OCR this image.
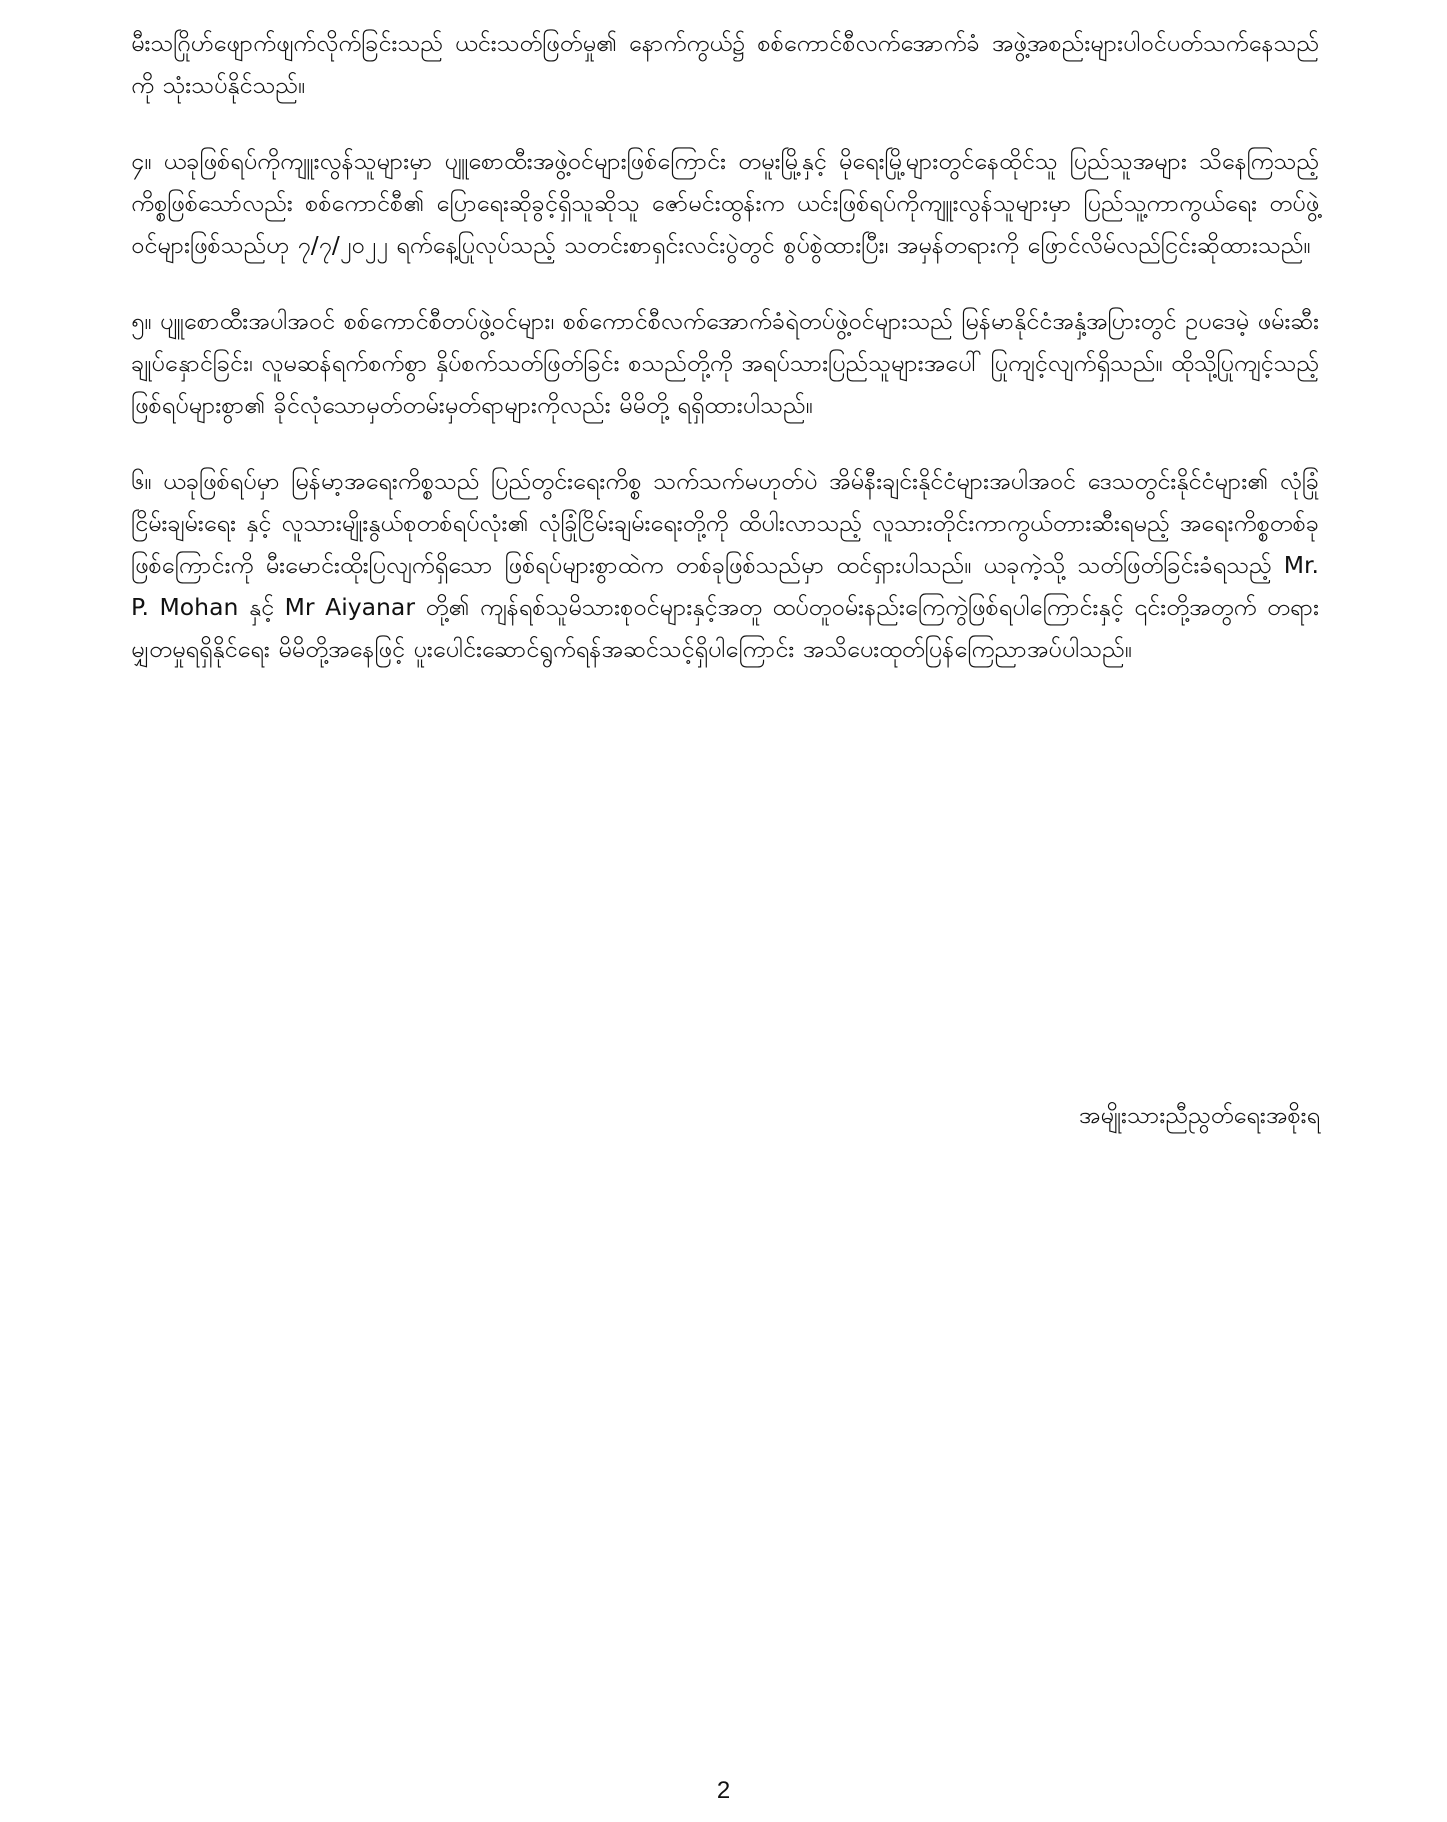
မီးသဂြိုဟ်ဖျောက်ဖျက်လိုက်ခြင်းသည် ယင်းသတ်ဖြတ်မှု၏ နောက်ကွယ်၌ စစ်ကောင်စီလက်အောက်ခံ အဖွဲ့အစည်းများပါဝင်ပတ်သက်နေသည်ကို သုံးသပ်နိုင်သည်။

၄။ ယခုဖြစ်ရပ်ကိုကျူးလွန်သူများမှာ ပျူစောထီးအဖွဲ့ဝင်များဖြစ်ကြောင်း တမူးမြို့နှင့် မိုရေးမြို့များတွင်နေထိုင်သူ ပြည်သူအများ သိနေကြသည့်ကိစ္စဖြစ်သော်လည်း စစ်ကောင်စီ၏ ပြောရေးဆိုခွင့်ရှိသူဆိုသူ ဇော်မင်းထွန်းက ယင်းဖြစ်ရပ်ကိုကျူးလွန်သူများမှာ ပြည်သူ့ကာကွယ်ရေး တပ်ဖွဲ့ဝင်များဖြစ်သည်ဟု ၇/၇/၂၀၂၂ ရက်နေ့ပြုလုပ်သည့် သတင်းစာရှင်းလင်းပွဲတွင် စွပ်စွဲထားပြီး၊ အမှန်တရားကို ဖြောင်လိမ်လည်ငြင်းဆိုထားသည်။

၅။ ပျူစောထီးအပါအဝင် စစ်ကောင်စီတပ်ဖွဲ့ဝင်များ၊ စစ်ကောင်စီလက်အောက်ခံရဲတပ်ဖွဲ့ဝင်များသည် မြန်မာနိုင်ငံအနှံ့အပြားတွင် ဥပဒေမဲ့ ဖမ်းဆီးချုပ်နှောင်ခြင်း၊ လူမဆန်ရက်စက်စွာ နှိပ်စက်သတ်ဖြတ်ခြင်း စသည်တို့ကို အရပ်သားပြည်သူများအပေါ် ပြုကျင့်လျက်ရှိသည်။ ထိုသို့ပြုကျင့်သည့်ဖြစ်ရပ်များစွာ၏ ခိုင်လုံသောမှတ်တမ်းမှတ်ရာများကိုလည်း မိမိတို့ ရရှိထားပါသည်။

၆။ ယခုဖြစ်ရပ်မှာ မြန်မာ့အရေးကိစ္စသည် ပြည်တွင်းရေးကိစ္စ သက်သက်မဟုတ်ပဲ အိမ်နီးချင်းနိုင်ငံများအပါအဝင် ဒေသတွင်းနိုင်ငံများ၏ လုံခြုံငြိမ်းချမ်းရေး နှင့် လူသားမျိုးနွယ်စုတစ်ရပ်လုံး၏ လုံခြုံငြိမ်းချမ်းရေးတို့ကို ထိပါးလာသည့် လူသားတိုင်းကာကွယ်တားဆီးရမည့် အရေးကိစ္စတစ်ခုဖြစ်ကြောင်းကို မီးမောင်းထိုးပြလျက်ရှိသော ဖြစ်ရပ်များစွာထဲက တစ်ခုဖြစ်သည်မှာ ထင်ရှားပါသည်။ ယခုကဲ့သို့ သတ်ဖြတ်ခြင်းခံရသည့် Mr. P. Mohan နှင့် Mr Aiyanar တို့၏ ကျန်ရစ်သူမိသားစုဝင်များနှင့်အတူ ထပ်တူဝမ်းနည်းကြေကွဲဖြစ်ရပါကြောင်းနှင့် ၎င်းတို့အတွက် တရားမျှတမှုရရှိနိုင်ရေး မိမိတို့အနေဖြင့် ပူးပေါင်းဆောင်ရွက်ရန်အဆင်သင့်ရှိပါကြောင်း အသိပေးထုတ်ပြန်ကြေညာအပ်ပါသည်။

အမျိုးသားညီညွတ်ရေးအစိုးရ
2
